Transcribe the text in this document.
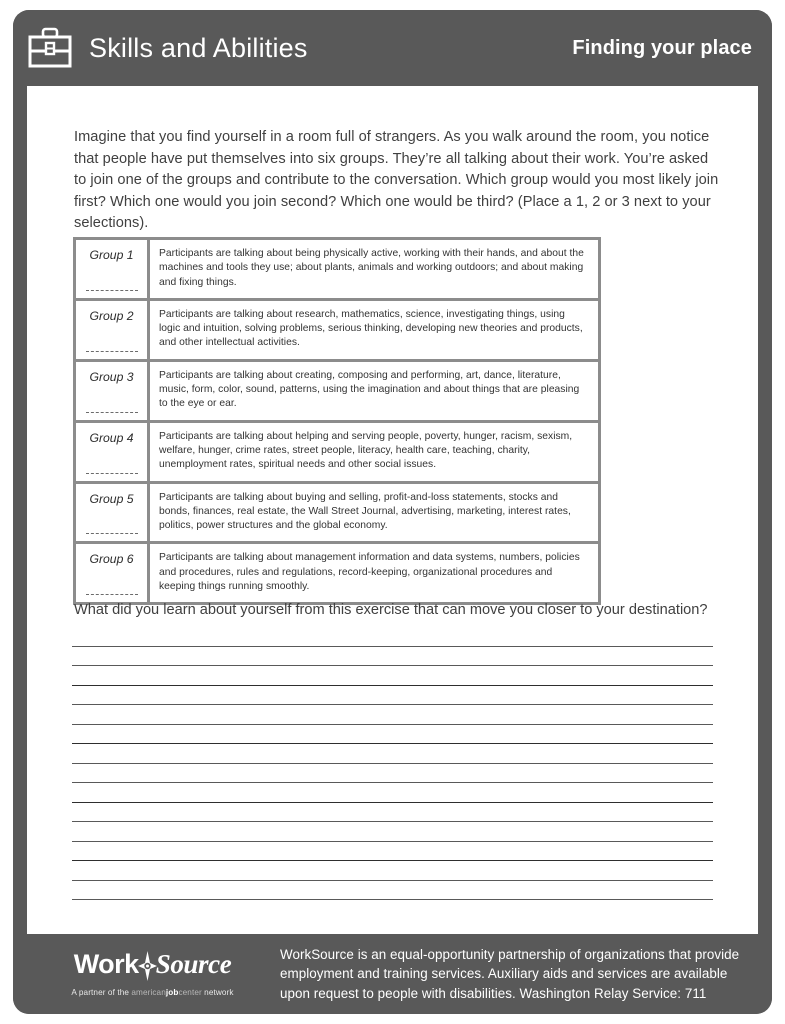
Skills and Abilities	Finding your place

Imagine that you find yourself in a room full of strangers. As you walk around the room, you notice that people have put themselves into six groups. They’re all talking about their work. You’re asked to join one of the groups and contribute to the conversation. Which group would you most likely join first? Which one would you join second? Which one would be third? (Place a 1, 2 or 3 next to your selections).

Group 1	Participants are talking about being physically active, working with their hands, and about the machines and tools they use; about plants, animals and working outdoors; and about making and fixing things.
Group 2	Participants are talking about research, mathematics, science, investigating things, using logic and intuition, solving problems, serious thinking, developing new theories and products, and other intellectual activities.
Group 3	Participants are talking about creating, composing and performing, art, dance, literature, music, form, color, sound, patterns, using the imagination and about things that are pleasing to the eye or ear.
Group 4	Participants are talking about helping and serving people, poverty, hunger, racism, sexism, welfare, hunger, crime rates, street people, literacy, health care, teaching, charity, unemployment rates, spiritual needs and other social issues.
Group 5	Participants are talking about buying and selling, profit-and-loss statements, stocks and bonds, finances, real estate, the Wall Street Journal, advertising, marketing, interest rates, politics, power structures and the global economy.
Group 6	Participants are talking about management information and data systems, numbers, policies and procedures, rules and regulations, record-keeping, organizational procedures and keeping things running smoothly.

What did you learn about yourself from this exercise that can move you closer to your destination?

Work Source
A partner of the americanjobcenter network
WorkSource is an equal-opportunity partnership of organizations that provide employment and training services. Auxiliary aids and services are available upon request to people with disabilities. Washington Relay Service: 711
